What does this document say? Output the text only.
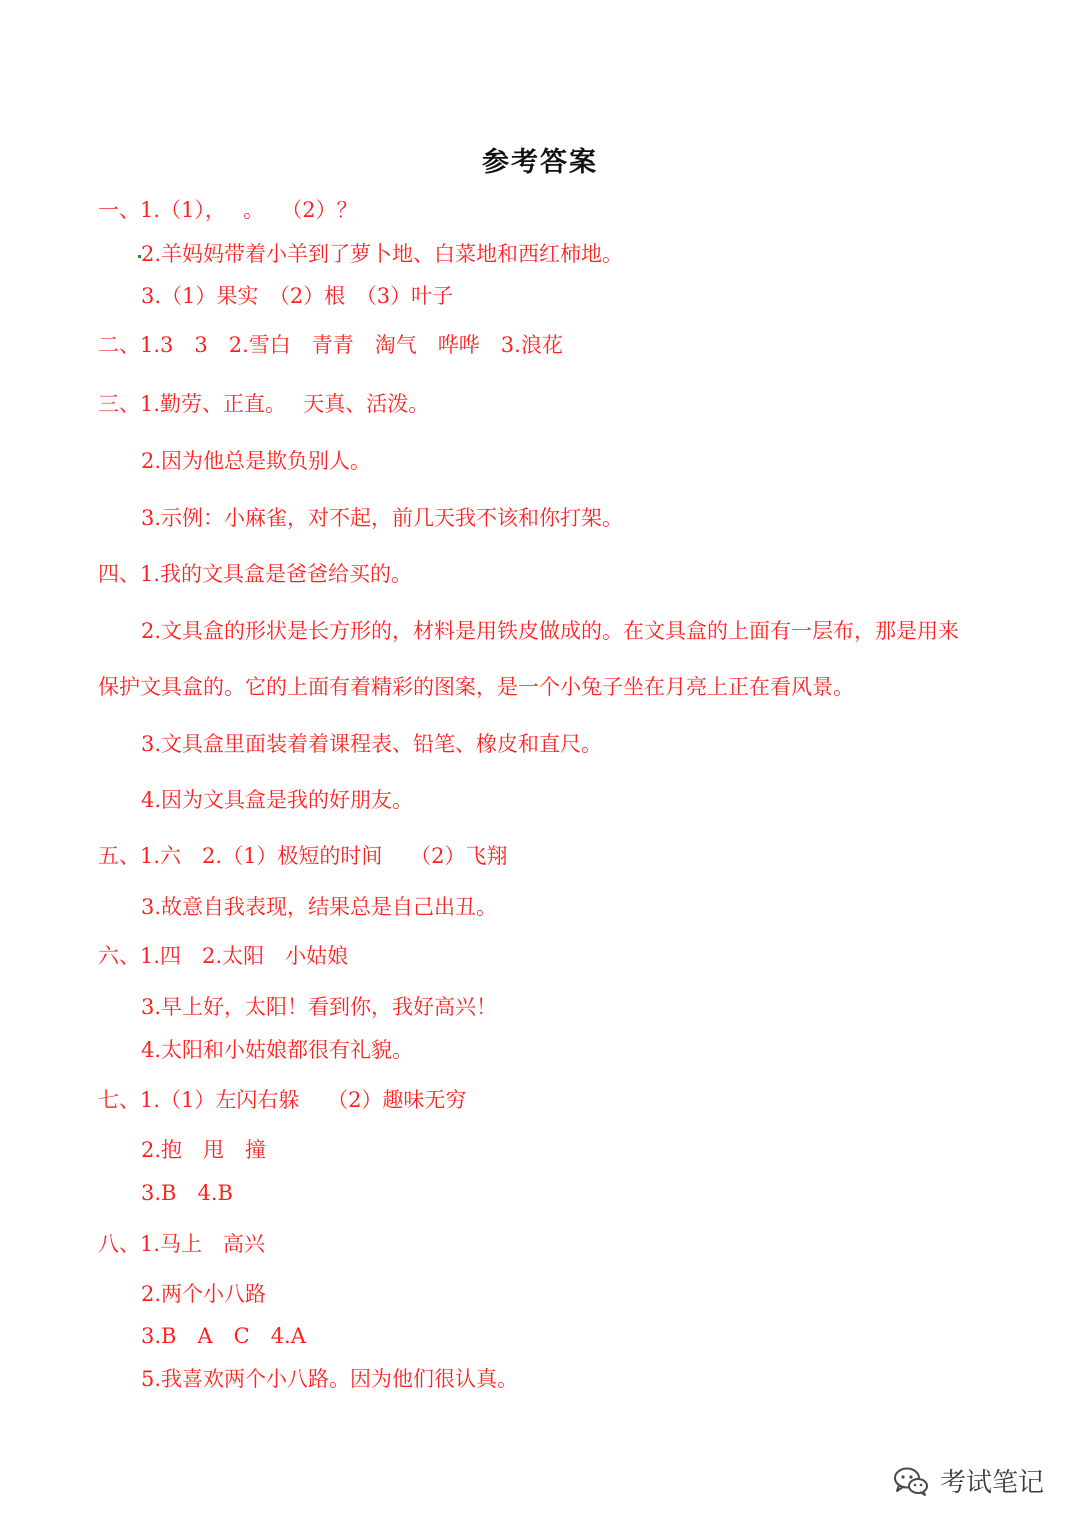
参考答案
一、1.（1），　 。　 （2）？
2.羊妈妈带着小羊到了萝卜地、白菜地和西红柿地。
3.（1）果实　（2）根　（3）叶子
二、1.3　3　2.雪白　青青　淘气　哗哗　3.浪花
三、1.勤劳、正直。　 天真、活泼。
2.因为他总是欺负别人。
3.示例：小麻雀，对不起，前几天我不该和你打架。
四、1.我的文具盒是爸爸给买的。
2.文具盒的形状是长方形的，材料是用铁皮做成的。在文具盒的上面有一层布，那是用来
保护文具盒的。它的上面有着精彩的图案，是一个小兔子坐在月亮上正在看风景。
3.文具盒里面装着着课程表、铅笔、橡皮和直尺。
4.因为文具盒是我的好朋友。
五、1.六　2.（1）极短的时间　 （2）飞翔
3.故意自我表现，结果总是自己出丑。
六、1.四　2.太阳　小姑娘
3.早上好，太阳！看到你，我好高兴！
4.太阳和小姑娘都很有礼貌。
七、1.（1）左闪右躲　 （2）趣味无穷
2.抱　甩　撞
3.B　4.B
八、1.马上　高兴
2.两个小八路
3.B　A　C　4.A
5.我喜欢两个小八路。因为他们很认真。
考试笔记
